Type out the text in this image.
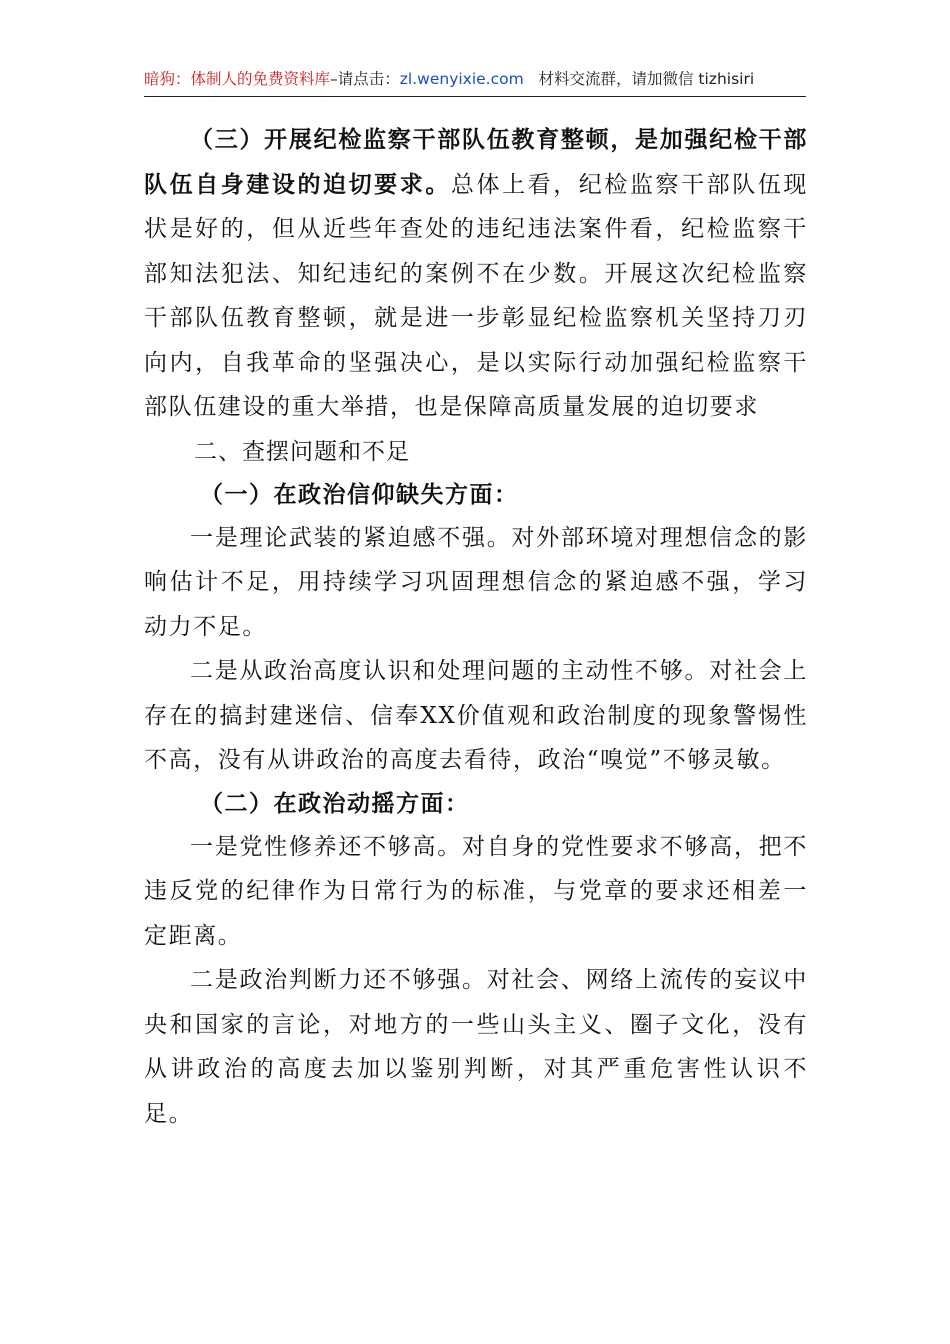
暗狗：体制人的免费资料库–请点击：zl.wenyixie.com 材料交流群，请加微信 tizhisiri

（三）开展纪检监察干部队伍教育整顿，是加强纪检干部队伍自身建设的迫切要求。总体上看，纪检监察干部队伍现状是好的，但从近些年查处的违纪违法案件看，纪检监察干部知法犯法、知纪违纪的案例不在少数。开展这次纪检监察干部队伍教育整顿，就是进一步彰显纪检监察机关坚持刀刃向内，自我革命的坚强决心，是以实际行动加强纪检监察干部队伍建设的重大举措，也是保障高质量发展的迫切要求

二、查摆问题和不足

（一）在政治信仰缺失方面：

一是理论武装的紧迫感不强。对外部环境对理想信念的影响估计不足，用持续学习巩固理想信念的紧迫感不强，学习动力不足。

二是从政治高度认识和处理问题的主动性不够。对社会上存在的搞封建迷信、信奉XX价值观和政治制度的现象警惕性不高，没有从讲政治的高度去看待，政治“嗅觉”不够灵敏。

（二）在政治动摇方面：

一是党性修养还不够高。对自身的党性要求不够高，把不违反党的纪律作为日常行为的标准，与党章的要求还相差一定距离。

二是政治判断力还不够强。对社会、网络上流传的妄议中央和国家的言论，对地方的一些山头主义、圈子文化，没有从讲政治的高度去加以鉴别判断，对其严重危害性认识不足。
